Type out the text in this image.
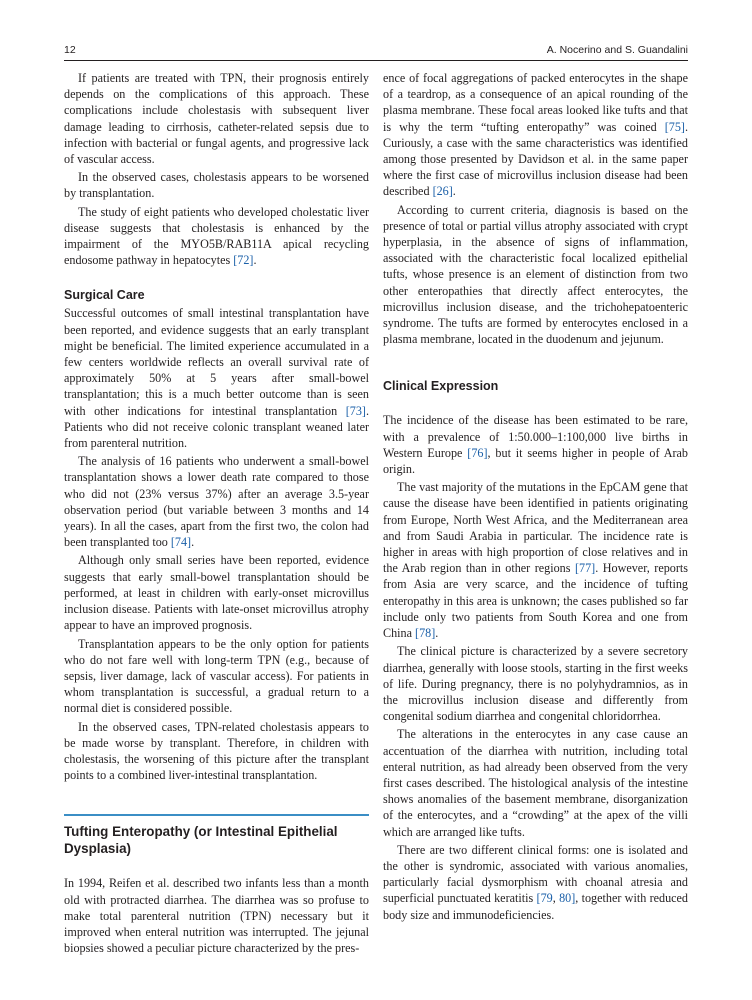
12	A. Nocerino and S. Guandalini

If patients are treated with TPN, their prognosis entirely depends on the complications of this approach. These complications include cholestasis with subsequent liver damage leading to cirrhosis, catheter-related sepsis due to infection with bacterial or fungal agents, and progressive lack of vascular access.

In the observed cases, cholestasis appears to be worsened by transplantation.

The study of eight patients who developed cholestatic liver disease suggests that cholestasis is enhanced by the impairment of the MYO5B/RAB11A apical recycling endosome pathway in hepatocytes [72].

Surgical Care

Successful outcomes of small intestinal transplantation have been reported, and evidence suggests that an early transplant might be beneficial. The limited experience accumulated in a few centers worldwide reflects an overall survival rate of approximately 50% at 5 years after small-bowel transplantation; this is a much better outcome than is seen with other indications for intestinal transplantation [73]. Patients who did not receive colonic transplant weaned later from parenteral nutrition.

The analysis of 16 patients who underwent a small-bowel transplantation shows a lower death rate compared to those who did not (23% versus 37%) after an average 3.5-year observation period (but variable between 3 months and 14 years). In all the cases, apart from the first two, the colon had been transplanted too [74].

Although only small series have been reported, evidence suggests that early small-bowel transplantation should be performed, at least in children with early-onset microvillus inclusion disease. Patients with late-onset microvillus atrophy appear to have an improved prognosis.

Transplantation appears to be the only option for patients who do not fare well with long-term TPN (e.g., because of sepsis, liver damage, lack of vascular access). For patients in whom transplantation is successful, a gradual return to a normal diet is considered possible.

In the observed cases, TPN-related cholestasis appears to be made worse by transplant. Therefore, in children with cholestasis, the worsening of this picture after the transplant points to a combined liver-intestinal transplantation.

Tufting Enteropathy (or Intestinal Epithelial Dysplasia)

In 1994, Reifen et al. described two infants less than a month old with protracted diarrhea. The diarrhea was so profuse to make total parenteral nutrition (TPN) necessary but it improved when enteral nutrition was interrupted. The jejunal biopsies showed a peculiar picture characterized by the pres-

ence of focal aggregations of packed enterocytes in the shape of a teardrop, as a consequence of an apical rounding of the plasma membrane. These focal areas looked like tufts and that is why the term “tufting enteropathy” was coined [75]. Curiously, a case with the same characteristics was identified among those presented by Davidson et al. in the same paper where the first case of microvillus inclusion disease had been described [26].

According to current criteria, diagnosis is based on the presence of total or partial villus atrophy associated with crypt hyperplasia, in the absence of signs of inflammation, associated with the characteristic focal localized epithelial tufts, whose presence is an element of distinction from two other enteropathies that directly affect enterocytes, the microvillus inclusion disease, and the trichohepatoenteric syndrome. The tufts are formed by enterocytes enclosed in a plasma membrane, located in the duodenum and jejunum.

Clinical Expression

The incidence of the disease has been estimated to be rare, with a prevalence of 1:50.000–1:100,000 live births in Western Europe [76], but it seems higher in people of Arab origin.

The vast majority of the mutations in the EpCAM gene that cause the disease have been identified in patients originating from Europe, North West Africa, and the Mediterranean area and from Saudi Arabia in particular. The incidence rate is higher in areas with high proportion of close relatives and in the Arab region than in other regions [77]. However, reports from Asia are very scarce, and the incidence of tufting enteropathy in this area is unknown; the cases published so far include only two patients from South Korea and one from China [78].

The clinical picture is characterized by a severe secretory diarrhea, generally with loose stools, starting in the first weeks of life. During pregnancy, there is no polyhydramnios, as in the microvillus inclusion disease and differently from congenital sodium diarrhea and congenital chloridorrhea.

The alterations in the enterocytes in any case cause an accentuation of the diarrhea with nutrition, including total enteral nutrition, as had already been observed from the very first cases described. The histological analysis of the intestine shows anomalies of the basement membrane, disorganization of the enterocytes, and a “crowding” at the apex of the villi which are arranged like tufts.

There are two different clinical forms: one is isolated and the other is syndromic, associated with various anomalies, particularly facial dysmorphism with choanal atresia and superficial punctuated keratitis [79, 80], together with reduced body size and immunodeficiencies.
